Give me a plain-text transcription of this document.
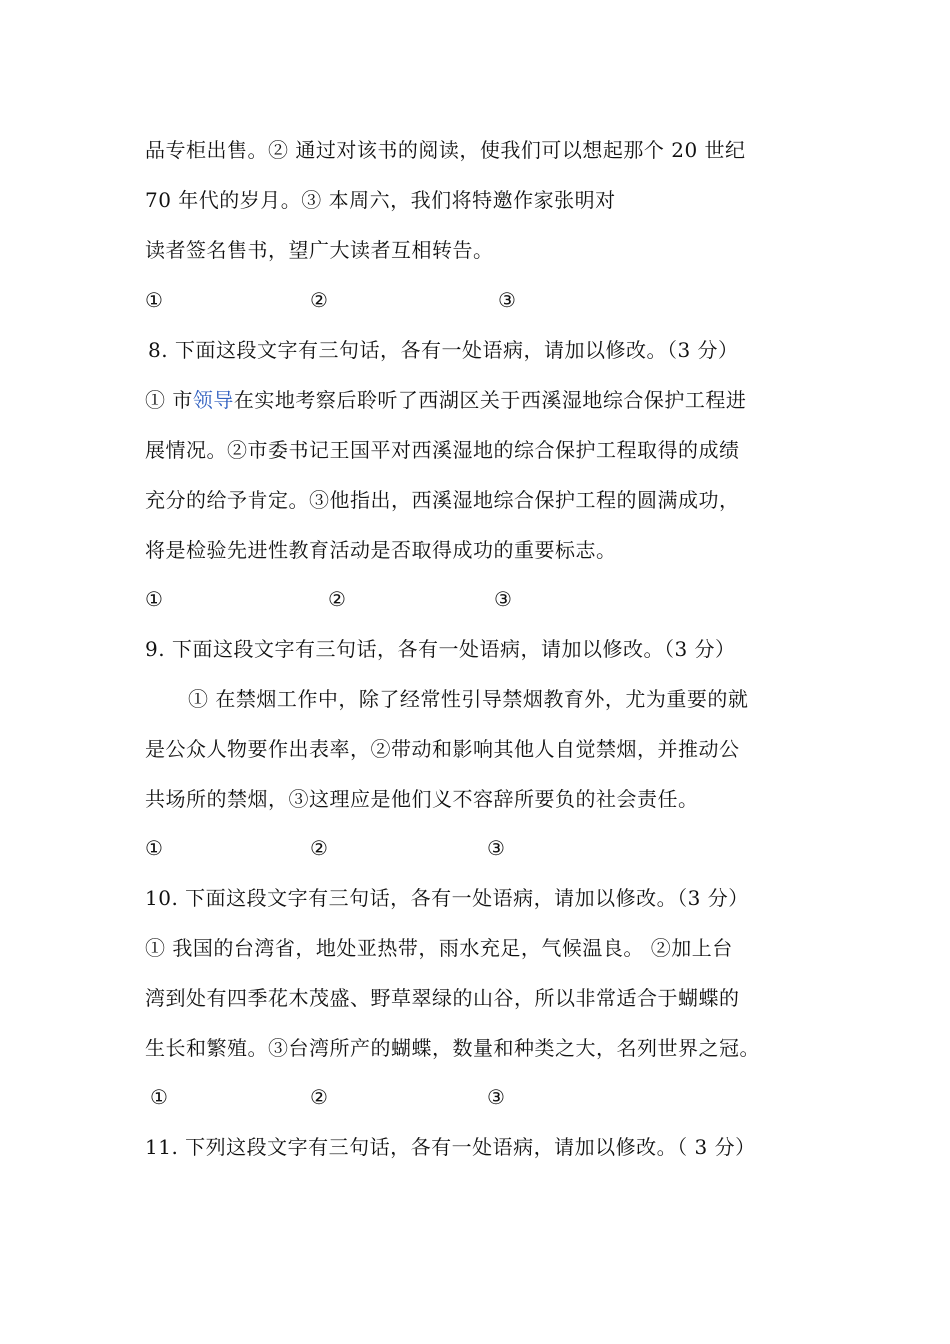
品专柜出售。② 通过对该书的阅读，使我们可以想起那个 20 世纪
70 年代的岁月。③ 本周六，我们将特邀作家张明对
读者签名售书，望广大读者互相转告。
①	②	③
8. 下面这段文字有三句话，各有一处语病，请加以修改。（3 分）
① 市领导在实地考察后聆听了西湖区关于西溪湿地综合保护工程进
展情况。②市委书记王国平对西溪湿地的综合保护工程取得的成绩
充分的给予肯定。③他指出，西溪湿地综合保护工程的圆满成功，
将是检验先进性教育活动是否取得成功的重要标志。
①	②	③
9. 下面这段文字有三句话，各有一处语病，请加以修改。（3 分）
① 在禁烟工作中，除了经常性引导禁烟教育外，尤为重要的就
是公众人物要作出表率，②带动和影响其他人自觉禁烟，并推动公
共场所的禁烟，③这理应是他们义不容辞所要负的社会责任。
①	②	③
10. 下面这段文字有三句话，各有一处语病，请加以修改。（3 分）
① 我国的台湾省，地处亚热带，雨水充足，气候温良。 ②加上台
湾到处有四季花木茂盛、野草翠绿的山谷，所以非常适合于蝴蝶的
生长和繁殖。③台湾所产的蝴蝶，数量和种类之大，名列世界之冠。
①	②	③
11. 下列这段文字有三句话，各有一处语病，请加以修改。（ 3 分）
